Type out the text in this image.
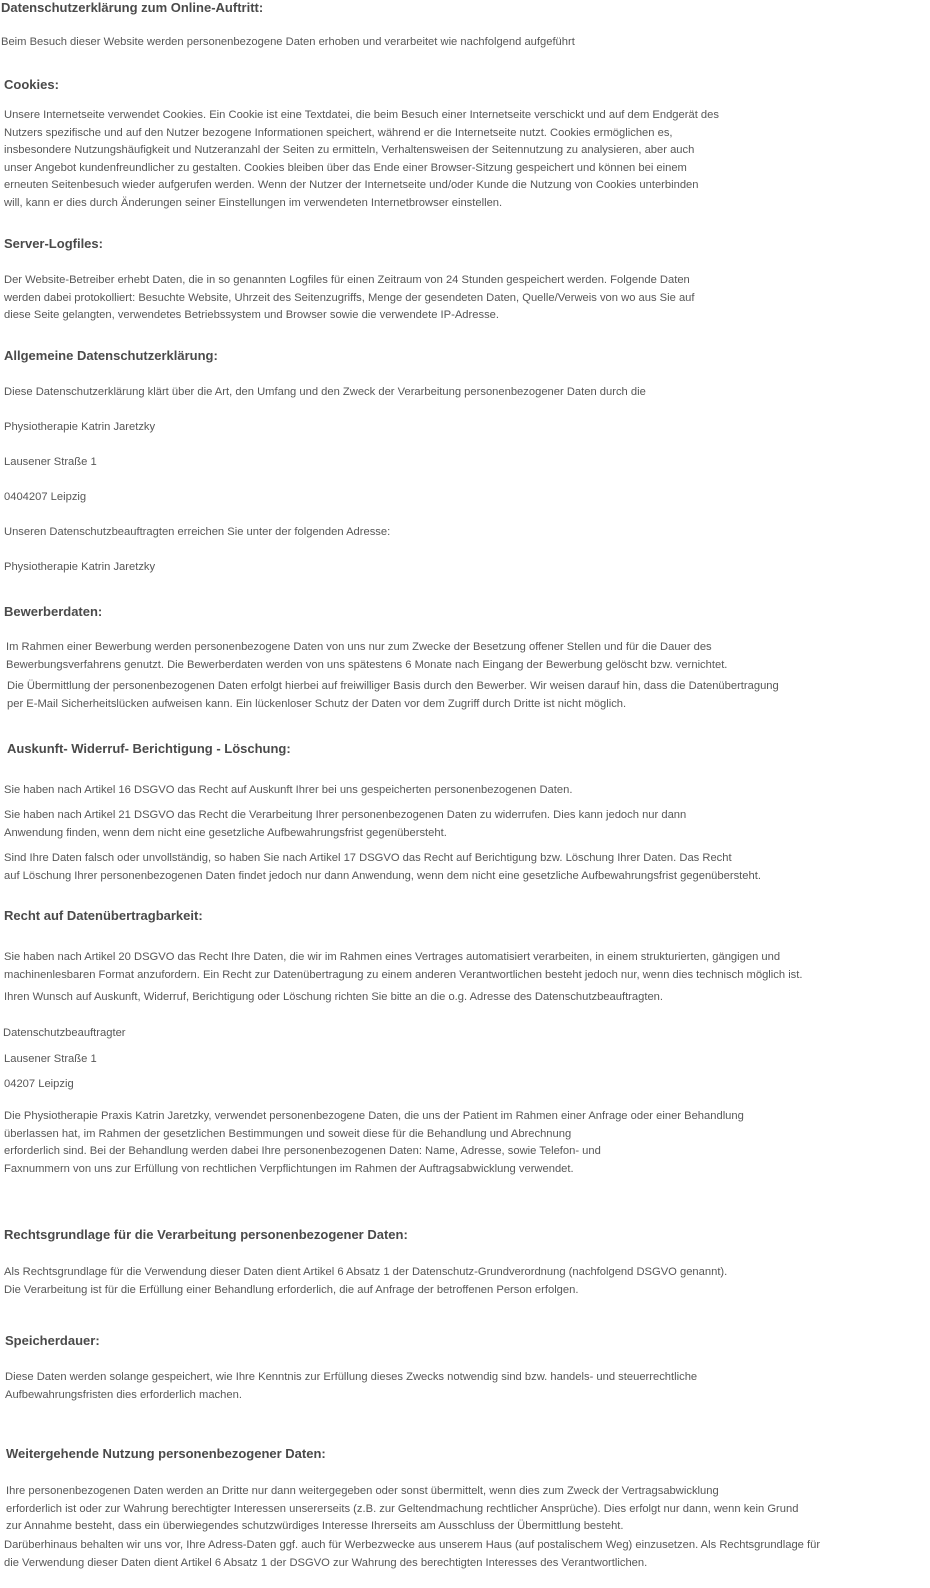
Datenschutzerklärung zum Online-Auftritt:
Beim Besuch dieser Website werden personenbezogene Daten erhoben und verarbeitet wie nachfolgend aufgeführt
Cookies:
Unsere Internetseite verwendet Cookies. Ein Cookie ist eine Textdatei, die beim Besuch einer Internetseite verschickt und auf dem Endgerät des
Nutzers spezifische und auf den Nutzer bezogene Informationen speichert, während er die Internetseite nutzt. Cookies ermöglichen es,
insbesondere Nutzungshäufigkeit und Nutzeranzahl der Seiten zu ermitteln, Verhaltensweisen der Seitennutzung zu analysieren, aber auch
unser Angebot kundenfreundlicher zu gestalten. Cookies bleiben über das Ende einer Browser-Sitzung gespeichert und können bei einem
erneuten Seitenbesuch wieder aufgerufen werden. Wenn der Nutzer der Internetseite und/oder Kunde die Nutzung von Cookies unterbinden
will, kann er dies durch Änderungen seiner Einstellungen im verwendeten Internetbrowser einstellen.
Server-Logfiles:
Der Website-Betreiber erhebt Daten, die in so genannten Logfiles für einen Zeitraum von 24 Stunden gespeichert werden. Folgende Daten
werden dabei protokolliert: Besuchte Website, Uhrzeit des Seitenzugriffs, Menge der gesendeten Daten, Quelle/Verweis von wo aus Sie auf
diese Seite gelangten, verwendetes Betriebssystem und Browser sowie die verwendete IP-Adresse.
Allgemeine Datenschutzerklärung:
Diese Datenschutzerklärung klärt über die Art, den Umfang und den Zweck der Verarbeitung personenbezogener Daten durch die
Physiotherapie Katrin Jaretzky
Lausener Straße 1
0404207 Leipzig
Unseren Datenschutzbeauftragten erreichen Sie unter der folgenden Adresse:
Physiotherapie Katrin Jaretzky
Bewerberdaten:
Im Rahmen einer Bewerbung werden personenbezogene Daten von uns nur zum Zwecke der Besetzung offener Stellen und für die Dauer des
Bewerbungsverfahrens genutzt. Die Bewerberdaten werden von uns spätestens 6 Monate nach Eingang der Bewerbung gelöscht bzw. vernichtet.
Die Übermittlung der personenbezogenen Daten erfolgt hierbei auf freiwilliger Basis durch den Bewerber. Wir weisen darauf hin, dass die Datenübertragung
per E-Mail Sicherheitslücken aufweisen kann. Ein lückenloser Schutz der Daten vor dem Zugriff durch Dritte ist nicht möglich.
Auskunft- Widerruf- Berichtigung - Löschung:
Sie haben nach Artikel 16 DSGVO das Recht auf Auskunft Ihrer bei uns gespeicherten personenbezogenen Daten.
Sie haben nach Artikel 21 DSGVO das Recht die Verarbeitung Ihrer personenbezogenen Daten zu widerrufen. Dies kann jedoch nur dann
Anwendung finden, wenn dem nicht eine gesetzliche Aufbewahrungsfrist gegenübersteht.
Sind Ihre Daten falsch oder unvollständig, so haben Sie nach Artikel 17 DSGVO das Recht auf Berichtigung bzw. Löschung Ihrer Daten. Das Recht
auf Löschung Ihrer personenbezogenen Daten findet jedoch nur dann Anwendung, wenn dem nicht eine gesetzliche Aufbewahrungsfrist gegenübersteht.
Recht auf Datenübertragbarkeit:
Sie haben nach Artikel 20 DSGVO das Recht Ihre Daten, die wir im Rahmen eines Vertrages automatisiert verarbeiten, in einem strukturierten, gängigen und
machinenlesbaren Format anzufordern. Ein Recht zur Datenübertragung zu einem anderen Verantwortlichen besteht jedoch nur, wenn dies technisch möglich ist.
Ihren Wunsch auf Auskunft, Widerruf, Berichtigung oder Löschung richten Sie bitte an die o.g. Adresse des Datenschutzbeauftragten.
Datenschutzbeauftragter
Lausener Straße 1
04207 Leipzig
Die Physiotherapie Praxis Katrin Jaretzky, verwendet personenbezogene Daten, die uns der Patient im Rahmen einer Anfrage oder einer Behandlung
überlassen hat, im Rahmen der gesetzlichen Bestimmungen und soweit diese für die Behandlung und Abrechnung
erforderlich sind. Bei der Behandlung werden dabei Ihre personenbezogenen Daten: Name, Adresse, sowie Telefon- und
Faxnummern von uns zur Erfüllung von rechtlichen Verpflichtungen im Rahmen der Auftragsabwicklung verwendet.
Rechtsgrundlage für die Verarbeitung personenbezogener Daten:
Als Rechtsgrundlage für die Verwendung dieser Daten dient Artikel 6 Absatz 1 der Datenschutz-Grundverordnung (nachfolgend DSGVO genannt).
Die Verarbeitung ist für die Erfüllung einer Behandlung erforderlich, die auf Anfrage der betroffenen Person erfolgen.
Speicherdauer:
Diese Daten werden solange gespeichert, wie Ihre Kenntnis zur Erfüllung dieses Zwecks notwendig sind bzw. handels- und steuerrechtliche
Aufbewahrungsfristen dies erforderlich machen.
Weitergehende Nutzung personenbezogener Daten:
Ihre personenbezogenen Daten werden an Dritte nur dann weitergegeben oder sonst übermittelt, wenn dies zum Zweck der Vertragsabwicklung
erforderlich ist oder zur Wahrung berechtigter Interessen unsererseits (z.B. zur Geltendmachung rechtlicher Ansprüche). Dies erfolgt nur dann, wenn kein Grund
zur Annahme besteht, dass ein überwiegendes schutzwürdiges Interesse Ihrerseits am Ausschluss der Übermittlung besteht.
Darüberhinaus behalten wir uns vor, Ihre Adress-Daten ggf. auch für Werbezwecke aus unserem Haus (auf postalischem Weg) einzusetzen. Als Rechtsgrundlage für
die Verwendung dieser Daten dient Artikel 6 Absatz 1 der DSGVO zur Wahrung des berechtigten Interesses des Verantwortlichen.
